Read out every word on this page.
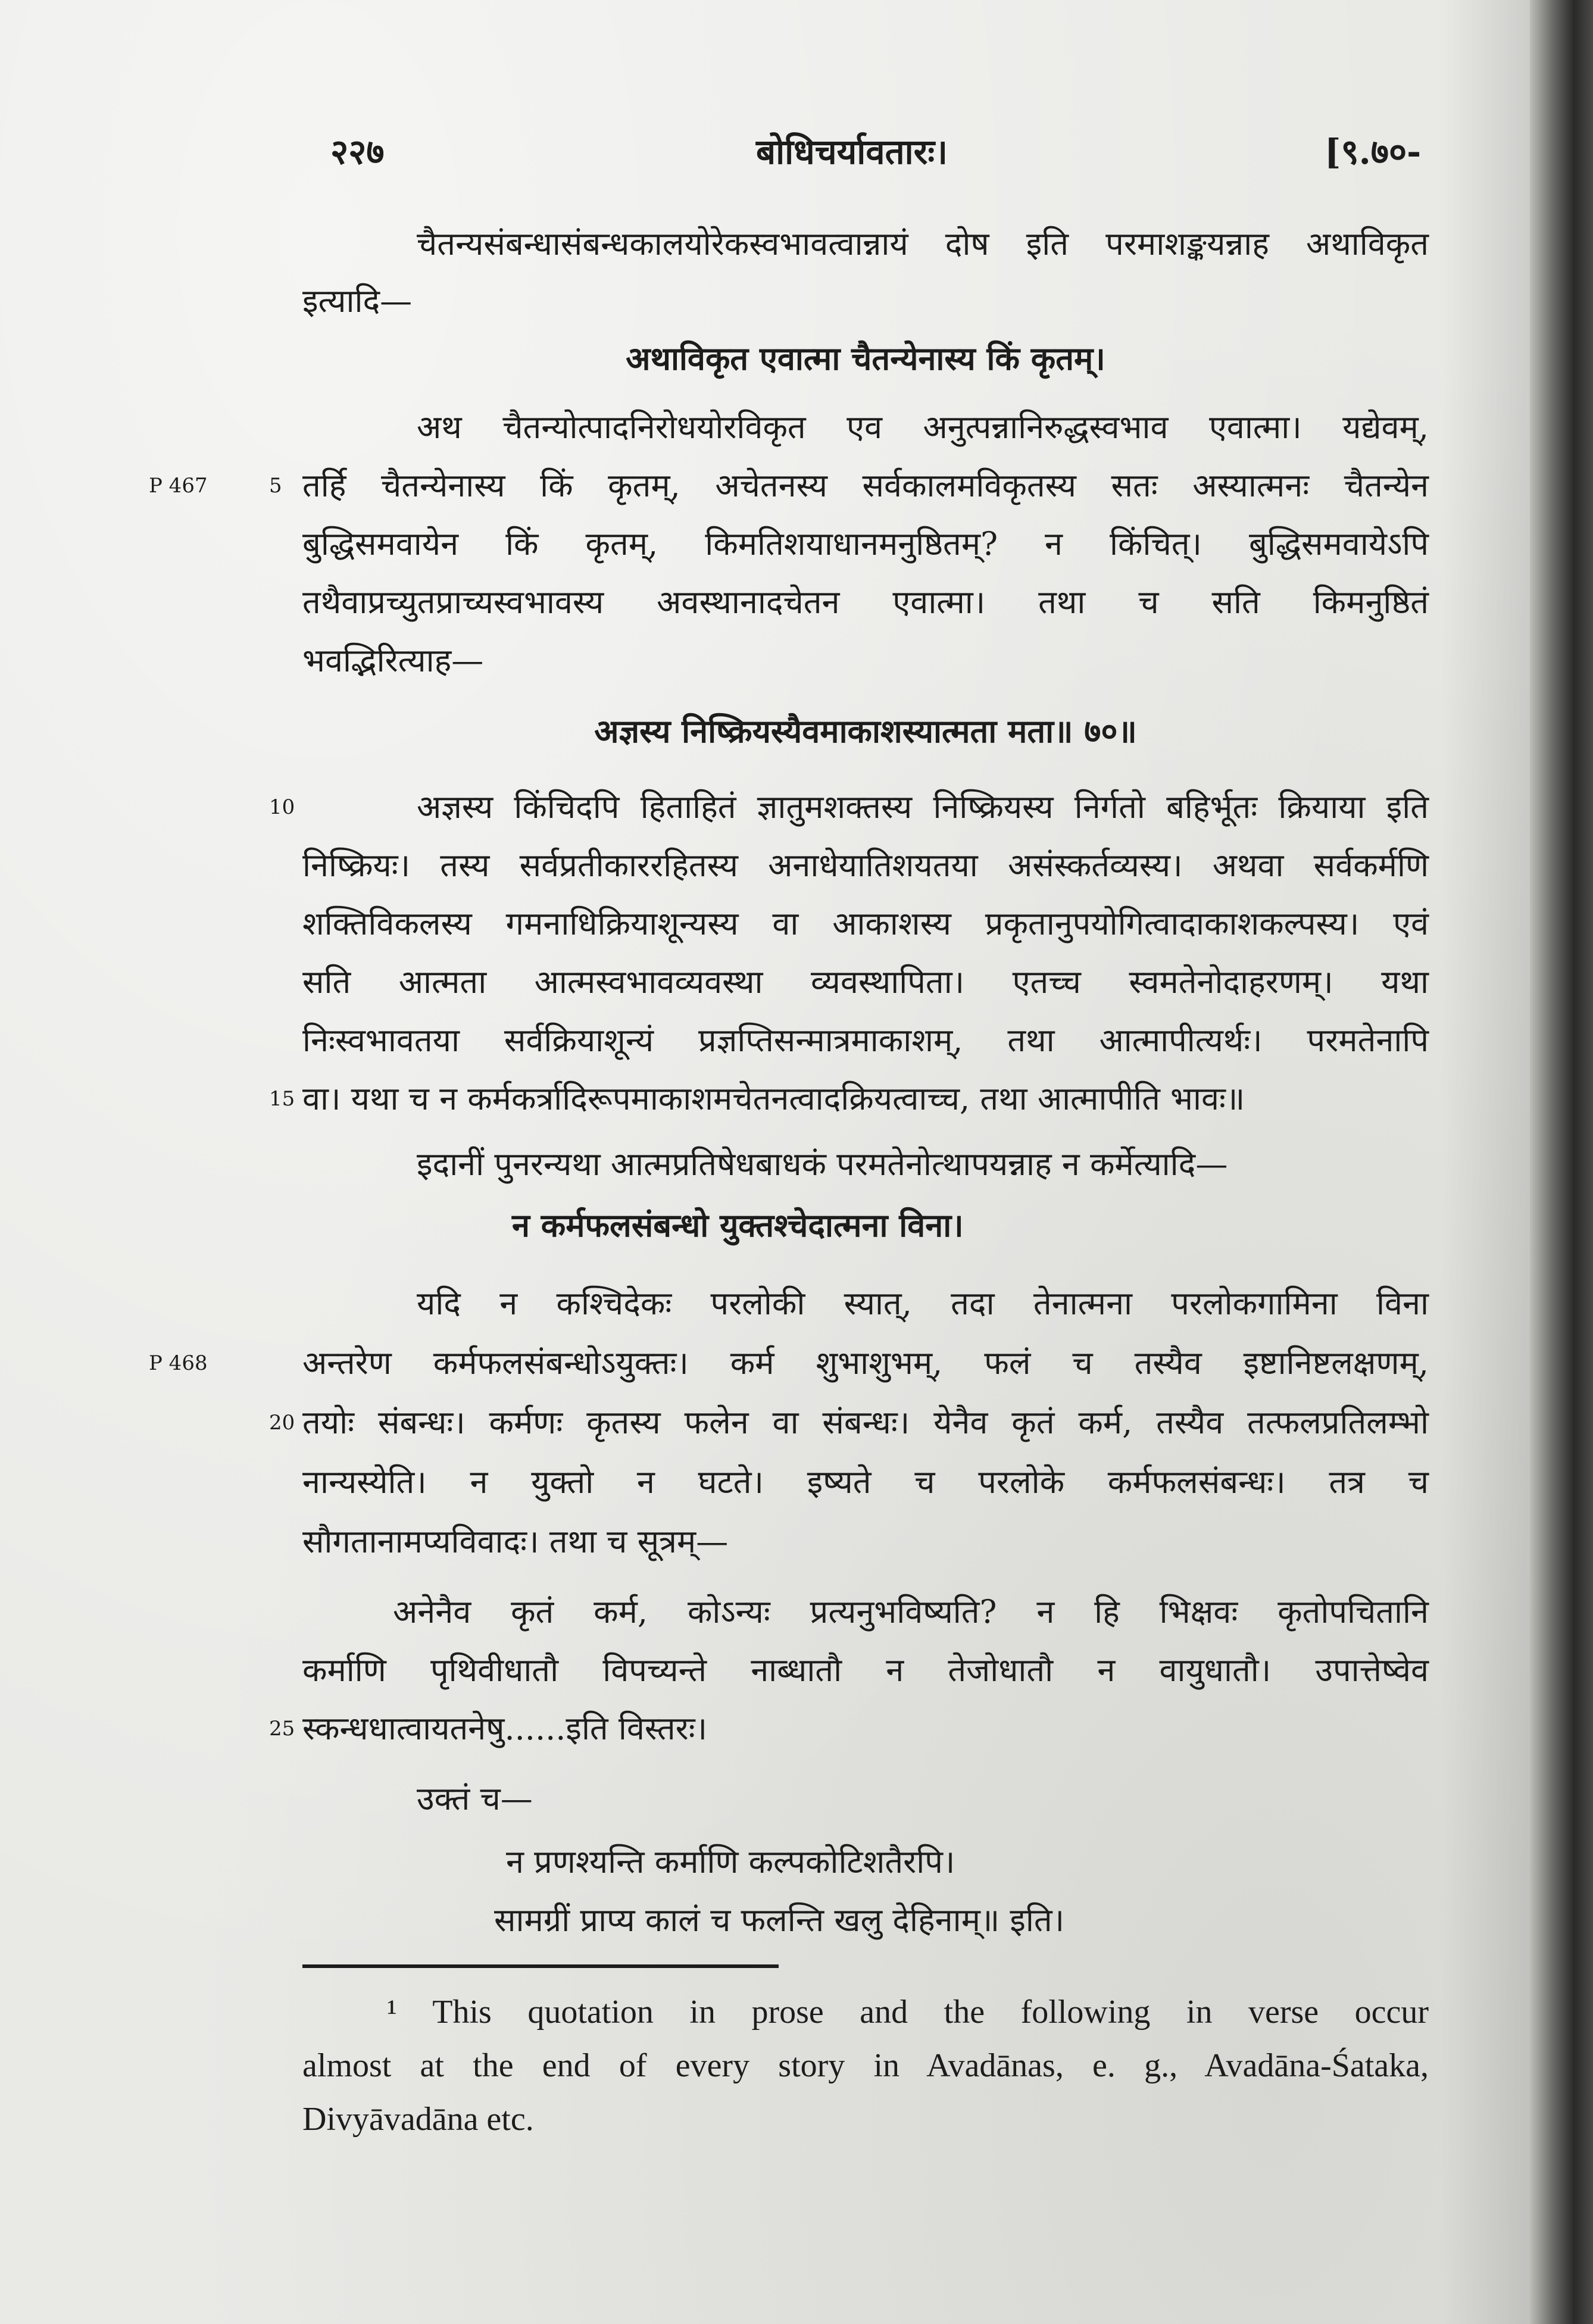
२२७	बोधिचर्यावतारः।	[९.७०-
चैतन्यसंबन्धासंबन्धकालयोरेकस्वभावत्वान्नायं दोष इति परमाशङ्कयन्नाह अथाविकृत
इत्यादि—
अथाविकृत एवात्मा चैतन्येनास्य किं कृतम्।
अथ चैतन्योत्पादनिरोधयोरविकृत एव अनुत्पन्नानिरुद्धस्वभाव एवात्मा। यद्येवम्,
P 467	5 तर्हि चैतन्येनास्य किं कृतम्, अचेतनस्य सर्वकालमविकृतस्य सतः अस्यात्मनः चैतन्येन
बुद्धिसमवायेन किं कृतम्, किमतिशयाधानमनुष्ठितम्? न किंचित्। बुद्धिसमवायेऽपि
तथैवाप्रच्युतप्राच्यस्वभावस्य अवस्थानादचेतन एवात्मा। तथा च सति किमनुष्ठितं
भवद्भिरित्याह—
अज्ञस्य निष्क्रियस्यैवमाकाशस्यात्मता मता॥ ७०॥
10	अज्ञस्य किंचिदपि हिताहितं ज्ञातुमशक्तस्य निष्क्रियस्य निर्गतो बहिर्भूतः क्रियाया इति
निष्क्रियः। तस्य सर्वप्रतीकाररहितस्य अनाधेयातिशयतया असंस्कर्तव्यस्य। अथवा सर्वकर्मणि
शक्तिविकलस्य गमनाधिक्रियाशून्यस्य वा आकाशस्य प्रकृतानुपयोगित्वादाकाशकल्पस्य। एवं
सति आत्मता आत्मस्वभावव्यवस्था व्यवस्थापिता। एतच्च स्वमतेनोदाहरणम्। यथा
निःस्वभावतया सर्वक्रियाशून्यं प्रज्ञप्तिसन्मात्रमाकाशम्, तथा आत्मापीत्यर्थः। परमतेनापि
15 वा। यथा च न कर्मकर्त्रादिरूपमाकाशमचेतनत्वादक्रियत्वाच्च, तथा आत्मापीति भावः॥
इदानीं पुनरन्यथा आत्मप्रतिषेधबाधकं परमतेनोत्थापयन्नाह न कर्मेत्यादि—
न कर्मफलसंबन्धो युक्तश्चेदात्मना विना।
यदि न कश्चिदेकः परलोकी स्यात्, तदा तेनात्मना परलोकगामिना विना
P 468	अन्तरेण कर्मफलसंबन्धोऽयुक्तः। कर्म शुभाशुभम्, फलं च तस्यैव इष्टानिष्टलक्षणम्,
20 तयोः संबन्धः। कर्मणः कृतस्य फलेन वा संबन्धः। येनैव कृतं कर्म, तस्यैव तत्फलप्रतिलम्भो
नान्यस्येति। न युक्तो न घटते। इष्यते च परलोके कर्मफलसंबन्धः। तत्र च
सौगतानामप्यविवादः। तथा च सूत्रम्—
अनेनैव कृतं कर्म, कोऽन्यः प्रत्यनुभविष्यति? न हि भिक्षवः कृतोपचितानि
कर्माणि पृथिवीधातौ विपच्यन्ते नाब्धातौ न तेजोधातौ न वायुधातौ। उपात्तेष्वेव
25 स्कन्धधात्वायतनेषु......इति विस्तरः।
उक्तं च—
न प्रणश्यन्ति कर्माणि कल्पकोटिशतैरपि।
सामग्रीं प्राप्य कालं च फलन्ति खलु देहिनाम्॥ इति।
¹ This quotation in prose and the following in verse occur
almost at the end of every story in Avadānas, e. g., Avadāna-Śataka,
Divyāvadāna etc.
